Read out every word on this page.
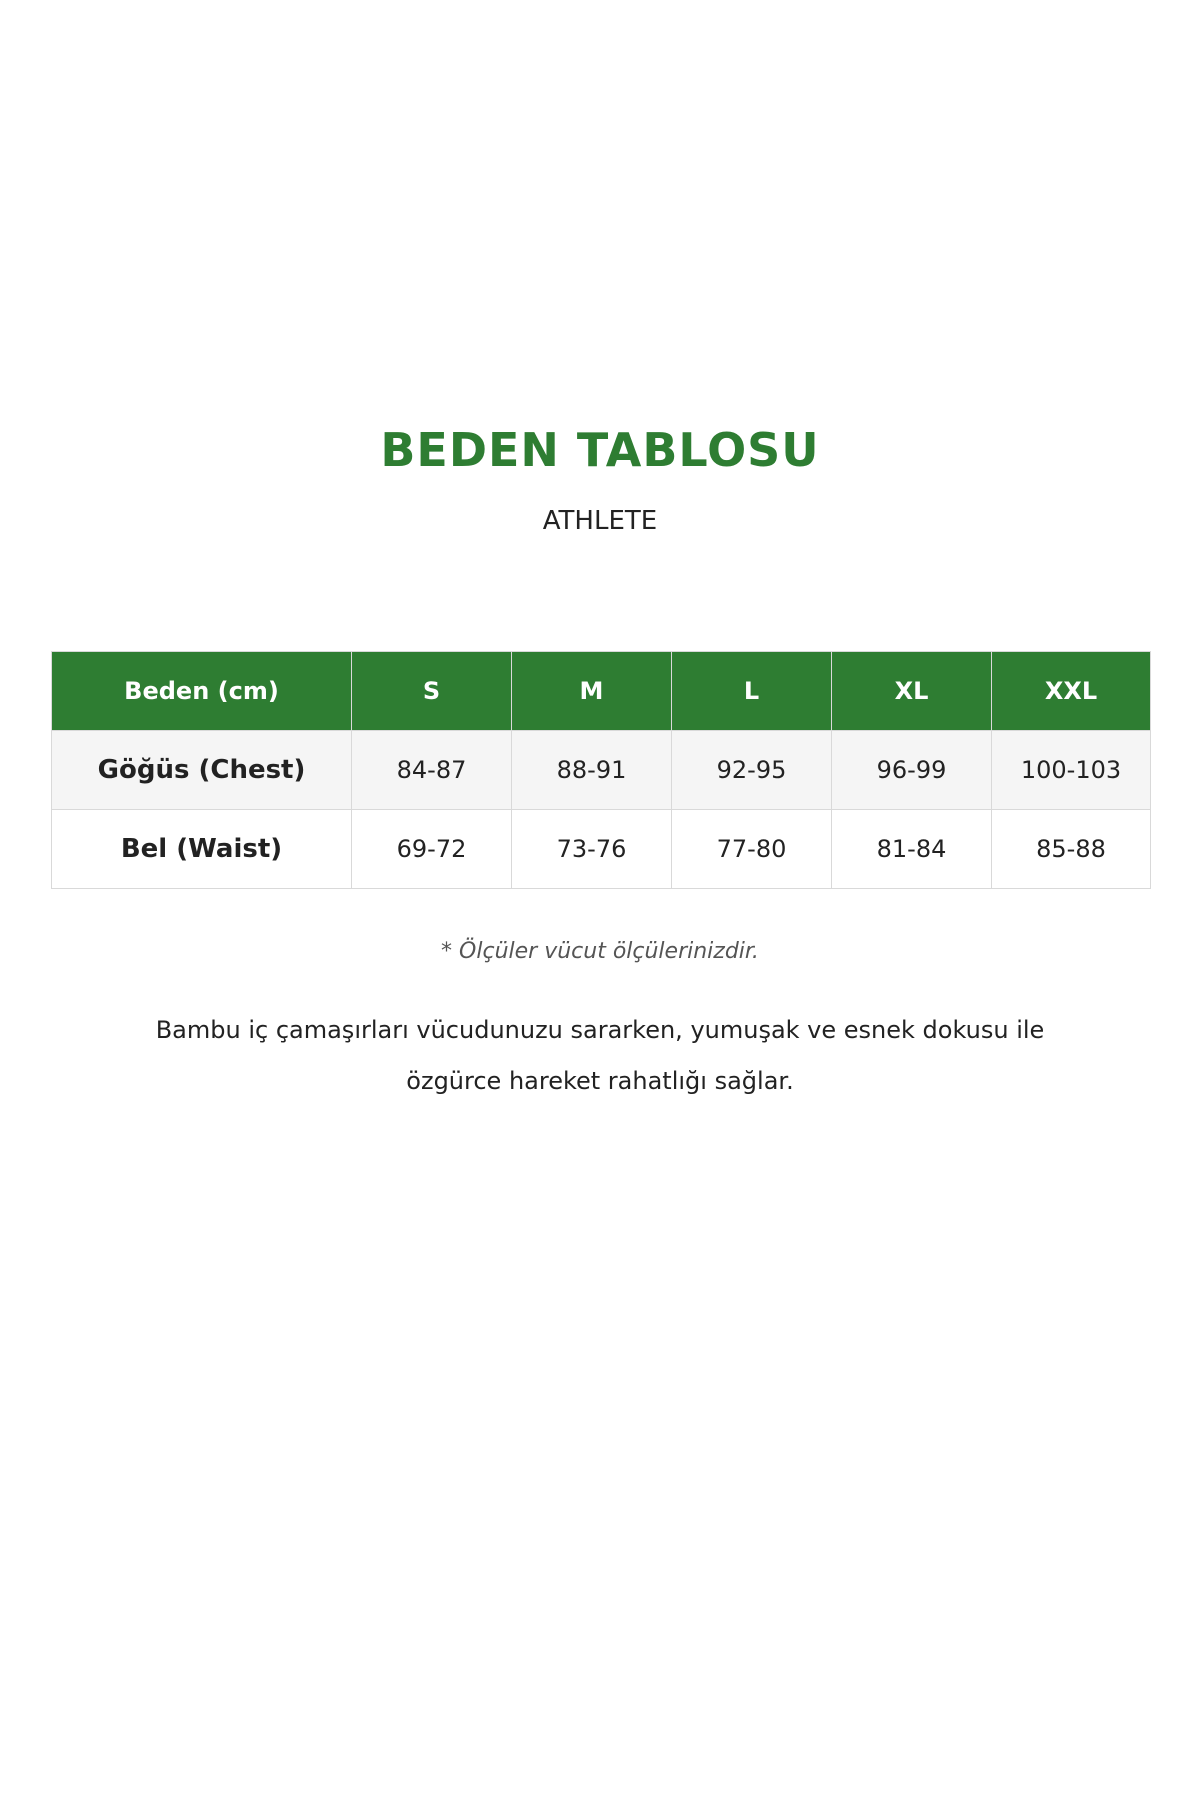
BEDEN TABLOSU
ATHLETE
Beden (cm)	S	M	L	XL	XXL
Göğüs (Chest)	84-87	88-91	92-95	96-99	100-103
Bel (Waist)	69-72	73-76	77-80	81-84	85-88
* Ölçüler vücut ölçülerinizdir.

Bambu iç çamaşırları vücudunuzu sararken, yumuşak ve esnek dokusu ile
özgürce hareket rahatlığı sağlar.
